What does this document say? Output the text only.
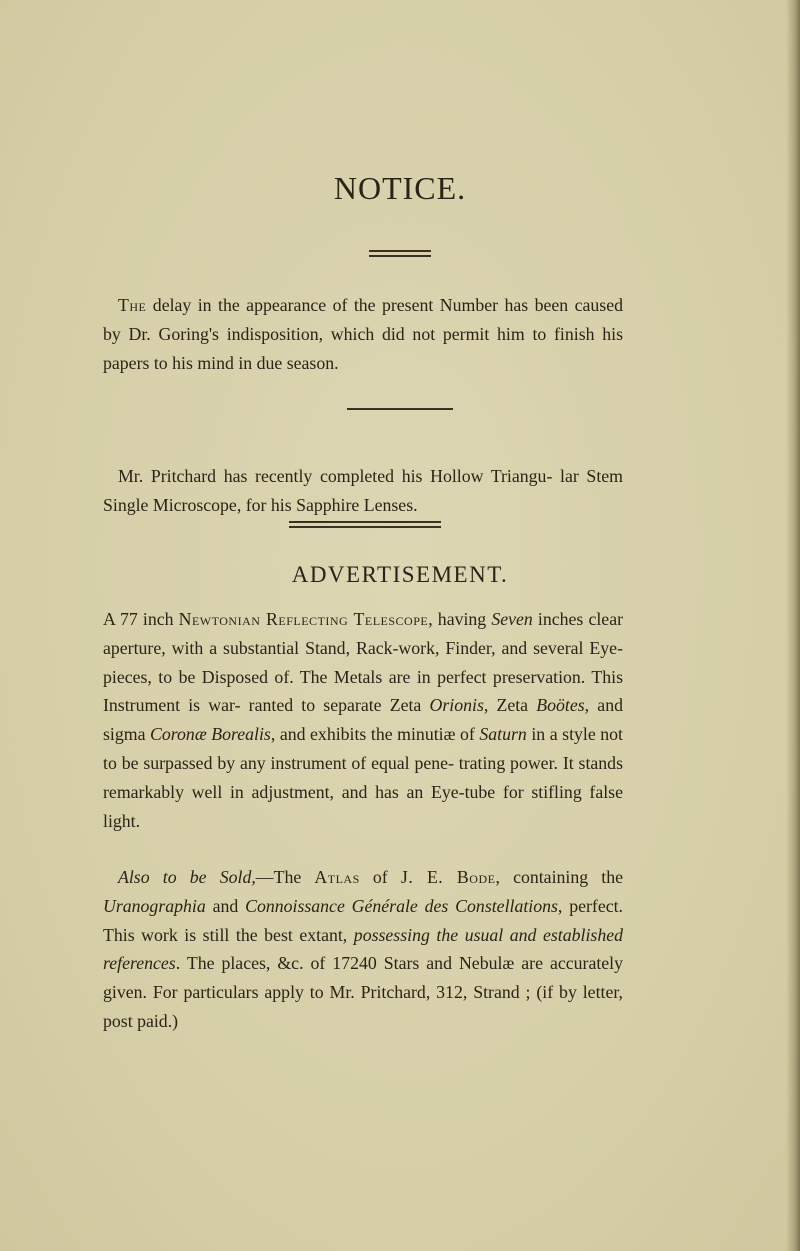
NOTICE.

The delay in the appearance of the present Number has been caused by Dr. Goring's indisposition, which did not permit him to finish his papers to his mind in due season.

Mr. Pritchard has recently completed his Hollow Triangu- lar Stem Single Microscope, for his Sapphire Lenses.

ADVERTISEMENT.

A 77 inch Newtonian Reflecting Telescope, having Seven inches clear aperture, with a substantial Stand, Rack-work, Finder, and several Eye-pieces, to be Disposed of. The Metals are in perfect preservation. This Instrument is war- ranted to separate Zeta Orionis, Zeta Boötes, and sigma Coronæ Borealis, and exhibits the minutiæ of Saturn in a style not to be surpassed by any instrument of equal pene- trating power. It stands remarkably well in adjustment, and has an Eye-tube for stifling false light.

Also to be Sold,—The Atlas of J. E. Bode, containing the Uranographia and Connoissance Générale des Constellations, perfect. This work is still the best extant, possessing the usual and established references. The places, &c. of 17240 Stars and Nebulæ are accurately given. For particulars apply to Mr. Pritchard, 312, Strand ; (if by letter, post paid.)
